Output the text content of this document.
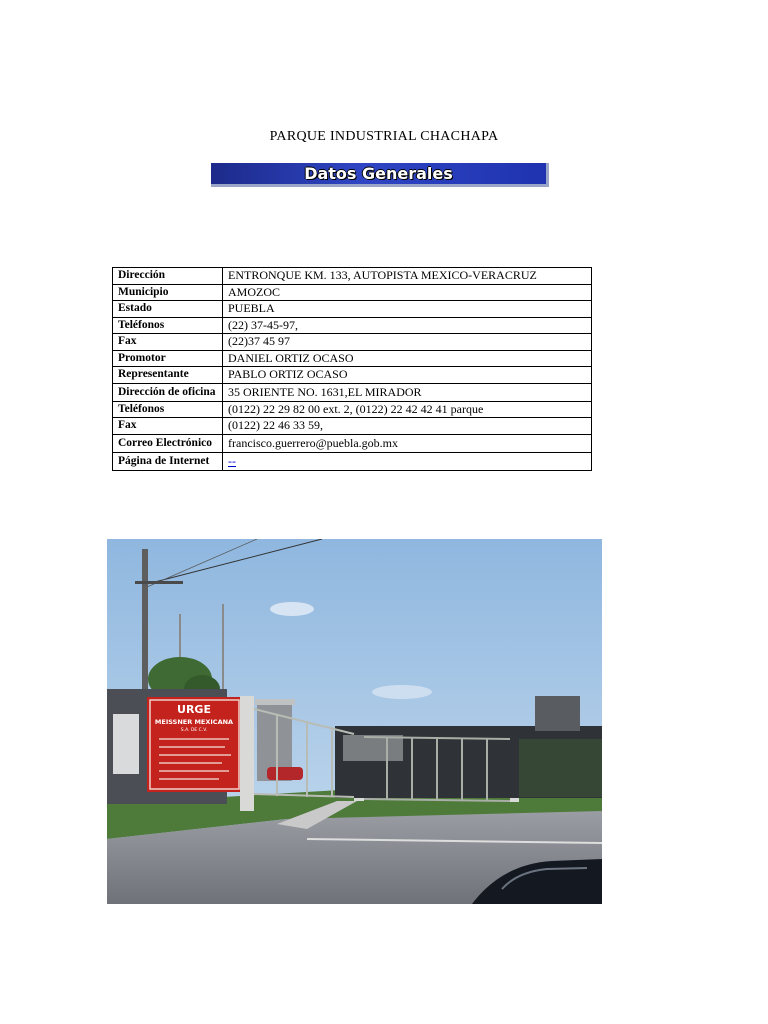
PARQUE INDUSTRIAL CHACHAPA
Datos Generales
Dirección	ENTRONQUE KM. 133, AUTOPISTA MEXICO-VERACRUZ
Municipio	AMOZOC
Estado	PUEBLA
Teléfonos	(22) 37-45-97,
Fax	(22)37 45 97
Promotor	DANIEL ORTIZ OCASO
Representante	PABLO ORTIZ OCASO
Dirección de oficina	35 ORIENTE NO. 1631,EL MIRADOR
Teléfonos	(0122) 22 29 82 00 ext. 2, (0122) 22 42 42 41 parque
Fax	(0122) 22 46 33 59,
Correo Electrónico	francisco.guerrero@puebla.gob.mx
Página de Internet	--
URGE
MEISSNER MEXICANA
S.A. DE C.V.
